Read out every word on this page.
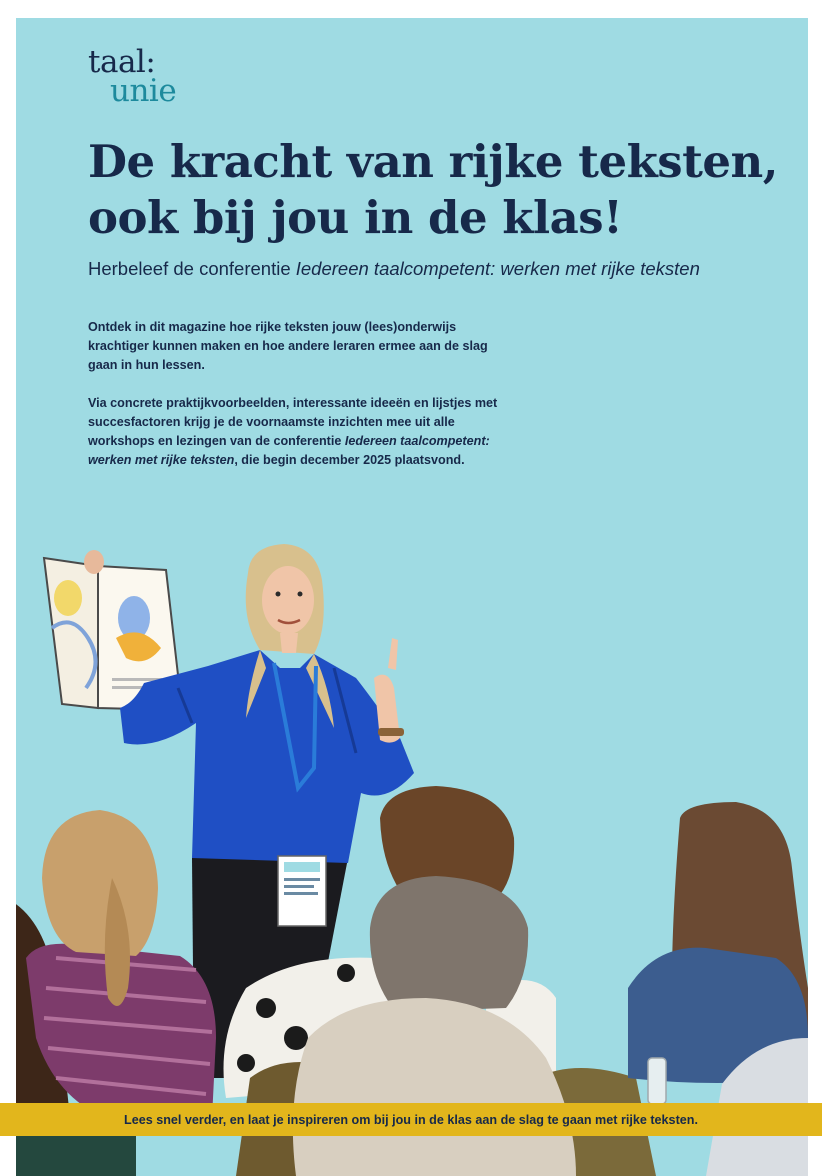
taal:
unie
De kracht van rijke teksten,
ook bij jou in de klas!
Herbeleef de conferentie Iedereen taalcompetent: werken met rijke teksten

Ontdek in dit magazine hoe rijke teksten jouw (lees)onderwijs krachtiger kunnen maken en hoe andere leraren ermee aan de slag gaan in hun lessen.

Via concrete praktijkvoorbeelden, interessante ideeën en lijstjes met succesfactoren krijg je de voornaamste inzichten mee uit alle workshops en lezingen van de conferentie Iedereen taalcompetent: werken met rijke teksten, die begin december 2025 plaatsvond.

Lees snel verder, en laat je inspireren om bij jou in de klas aan de slag te gaan met rijke teksten.
